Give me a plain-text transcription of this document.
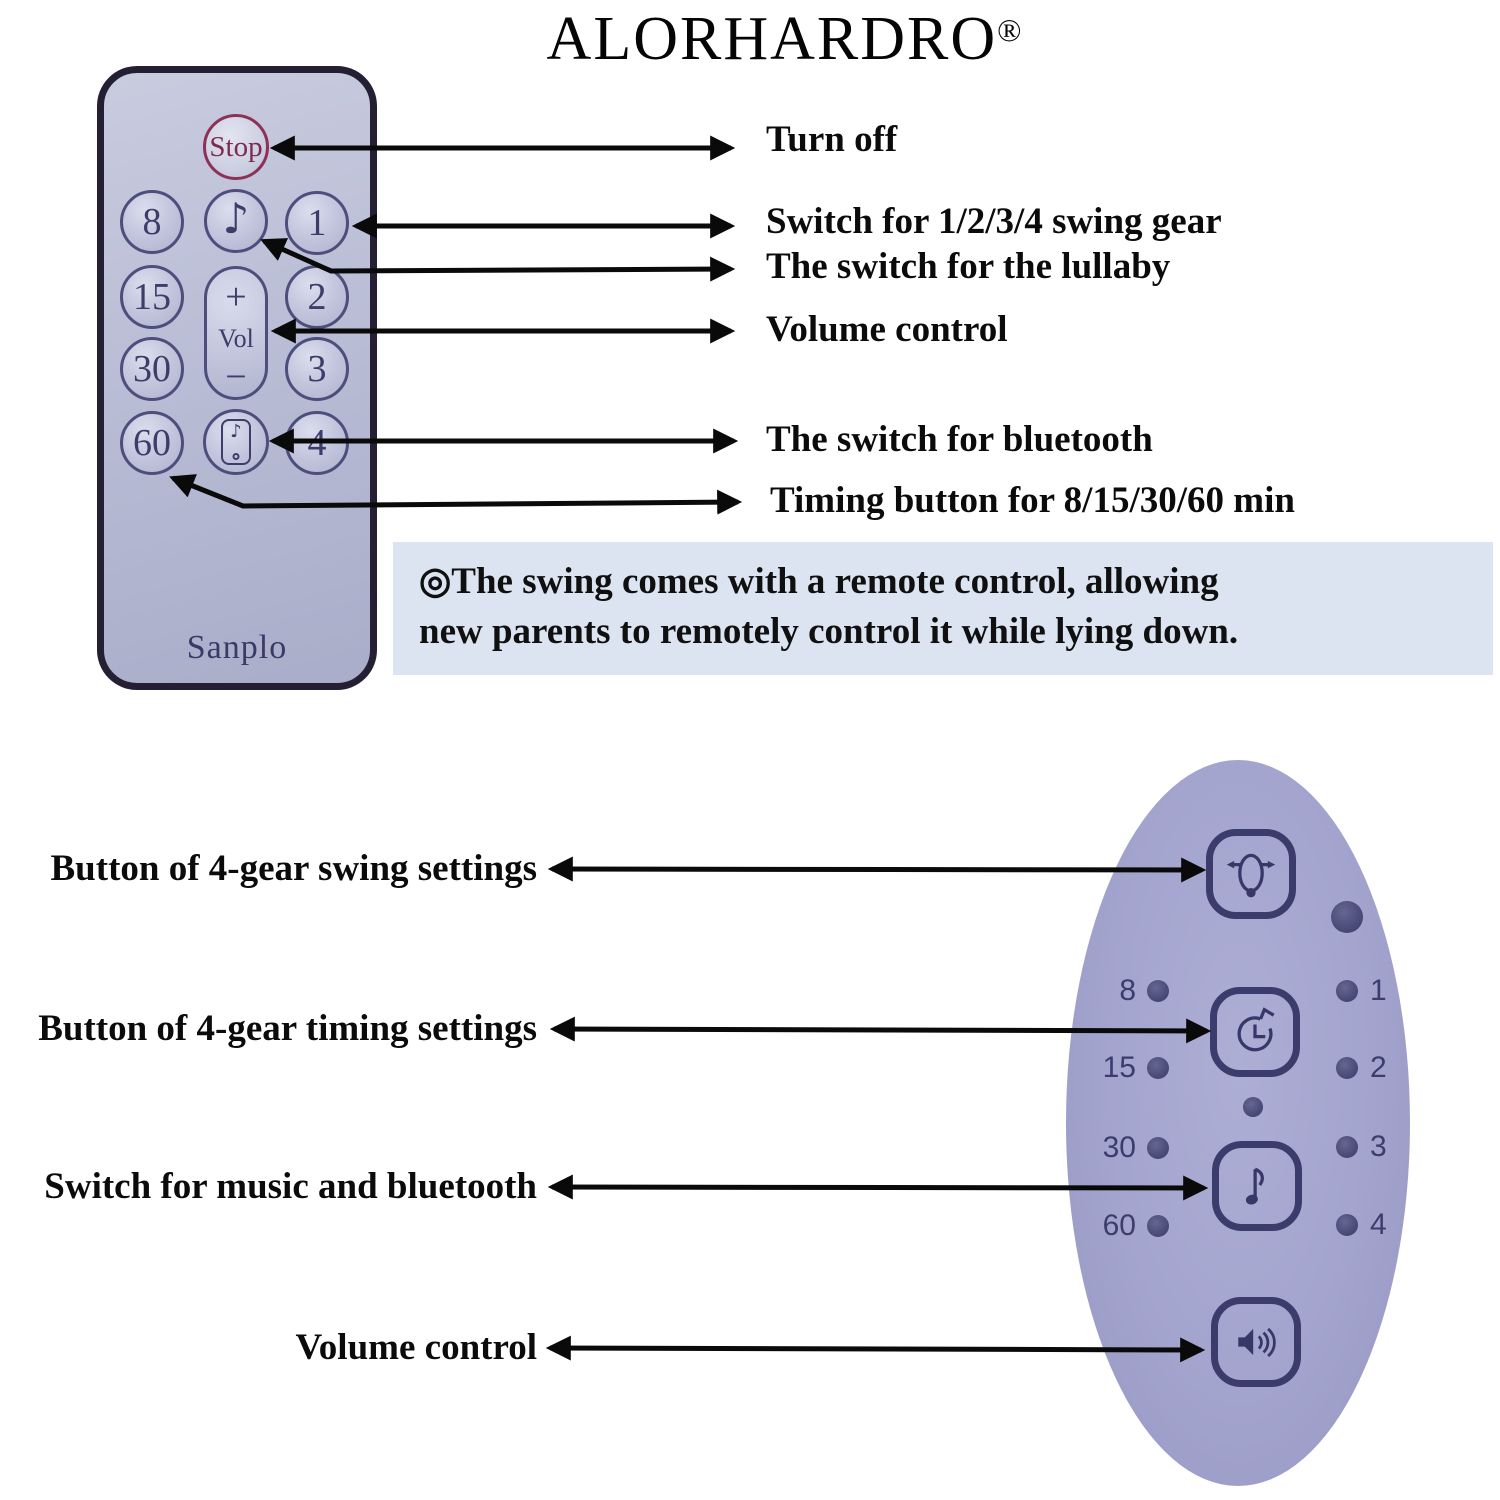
ALORHARDRO®
Stop
8	♪	1
15	+
Vol
−
2
30	3
60	♪	4
Sanplo
Turn off
Switch for 1/2/3/4 swing gear
The switch for the lullaby
Volume control
The switch for bluetooth
Timing button for 8/15/30/60 min
◎The swing comes with a remote control, allowing
new parents to remotely control it while lying down.
Button of 4-gear swing settings
Button of 4-gear timing settings
Switch for music and bluetooth
Volume control
8
15
30
60
1
2
3
4
